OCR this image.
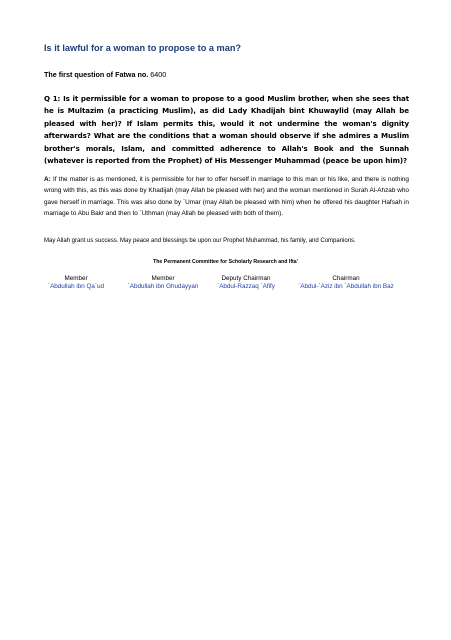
Is it lawful for a woman to propose to a man?
The first question of Fatwa no. 6400
Q 1: Is it permissible for a woman to propose to a good Muslim brother, when she sees that he is Multazim (a practicing Muslim), as did Lady Khadijah bint Khuwaylid (may Allah be pleased with her)? If Islam permits this, would it not undermine the woman's dignity afterwards? What are the conditions that a woman should observe if she admires a Muslim brother's morals, Islam, and committed adherence to Allah's Book and the Sunnah (whatever is reported from the Prophet) of His Messenger Muhammad (peace be upon him)?
A: If the matter is as mentioned, it is permissible for her to offer herself in marriage to this man or his like, and there is nothing wrong with this, as this was done by Khadijah (may Allah be pleased with her) and the woman mentioned in Surah Al-Ahzab who gave herself in marriage. This was also done by `Umar (may Allah be pleased with him) when he offered his daughter Hafsah in marriage to Abu Bakr and then to `Uthman (may Allah be pleased with both of them).
May Allah grant us success. May peace and blessings be upon our Prophet Muhammad, his family, and Companions.
The Permanent Committee for Scholarly Research and Ifta'
Member
`Abdullah ibn Qa`ud
Member
`Abdullah ibn Ghudayyan
Deputy Chairman
`Abdul-Razzaq `Afify
Chairman
`Abdul-`Aziz ibn `Abdullah ibn Baz
